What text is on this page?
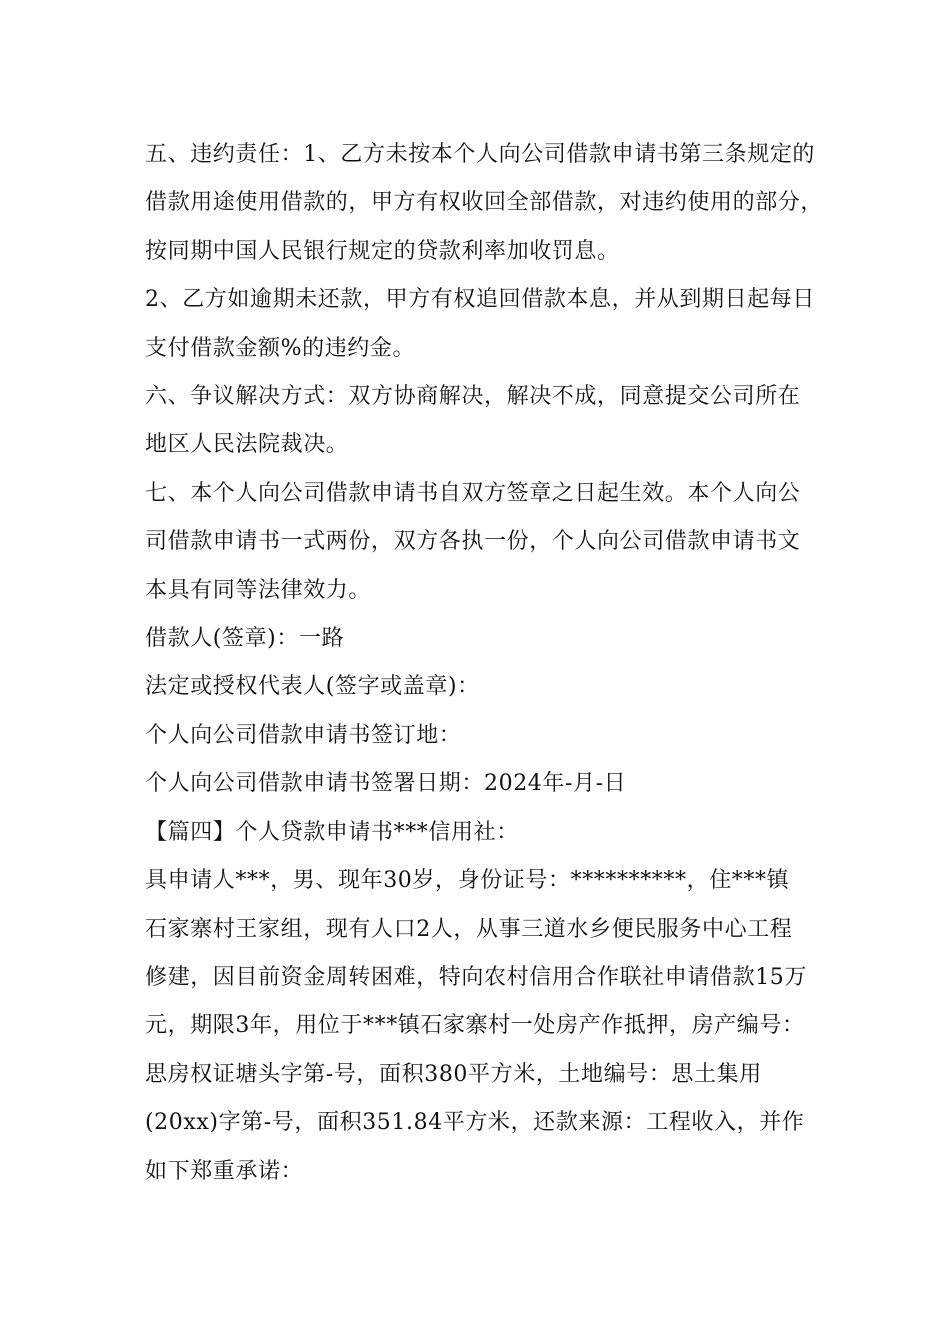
五、违约责任：1、乙方未按本个人向公司借款申请书第三条规定的

借款用途使用借款的，甲方有权收回全部借款，对违约使用的部分，

按同期中国人民银行规定的贷款利率加收罚息。

2、乙方如逾期未还款，甲方有权追回借款本息，并从到期日起每日

支付借款金额%的违约金。

六、争议解决方式：双方协商解决，解决不成，同意提交公司所在

地区人民法院裁决。

七、本个人向公司借款申请书自双方签章之日起生效。本个人向公

司借款申请书一式两份，双方各执一份，个人向公司借款申请书文

本具有同等法律效力。

借款人(签章)：一路

法定或授权代表人(签字或盖章)：

个人向公司借款申请书签订地：

个人向公司借款申请书签署日期：2024年-月-日

【篇四】个人贷款申请书***信用社：

具申请人***，男、现年30岁，身份证号：**********，住***镇

石家寨村王家组，现有人口2人，从事三道水乡便民服务中心工程

修建，因目前资金周转困难，特向农村信用合作联社申请借款15万

元，期限3年，用位于***镇石家寨村一处房产作抵押，房产编号：

思房权证塘头字第-号，面积380平方米，土地编号：思土集用

(20xx)字第-号，面积351.84平方米，还款来源：工程收入，并作

如下郑重承诺：
